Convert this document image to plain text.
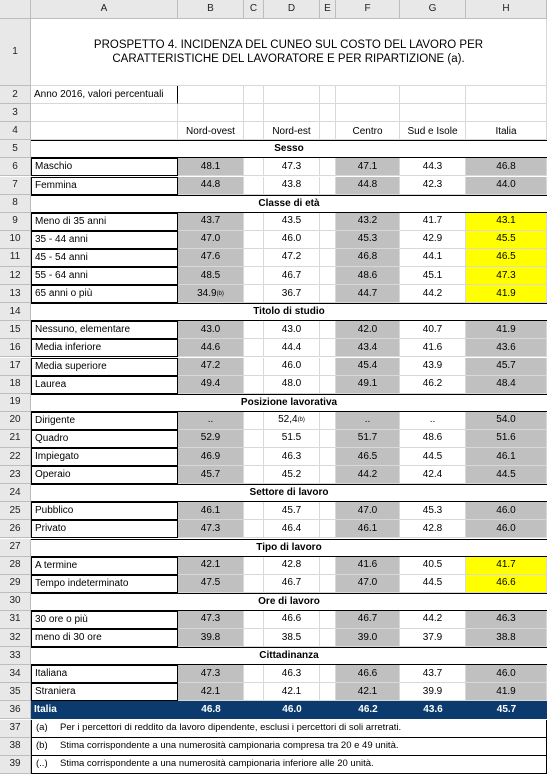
PROSPETTO 4. INCIDENZA DEL CUNEO SUL COSTO DEL LAVORO PER
CARATTERISTICHE DEL LAVORATORE E PER RIPARTIZIONE (a).
A	B	C	D	E	F	G	H
1
2
3
4
5
6
7
8
9
10
11
12
13
14
15
16
17
18
19
20
21
22
23
24
25
26
27
28
29
30
31
32
33
34
35
36
37
38
39
Anno 2016, valori percentuali
Nord-ovest	Nord-est	Centro	Sud e Isole	Italia
Sesso
Maschio	48.1	47.3	47.1	44.3	46.8
Femmina	44.8	43.8	44.8	42.3	44.0
Classe di età
Meno di 35 anni	43.7	43.5	43.2	41.7	43.1
35 - 44 anni	47.0	46.0	45.3	42.9	45.5
45 - 54 anni	47.6	47.2	46.8	44.1	46.5
55 - 64 anni	48.5	46.7	48.6	45.1	47.3
65 anni o più	34.9 (b)	36.7	44.7	44.2	41.9
Titolo di studio
Nessuno, elementare	43.0	43.0	42.0	40.7	41.9
Media inferiore	44.6	44.4	43.4	41.6	43.6
Media superiore	47.2	46.0	45.4	43.9	45.7
Laurea	49.4	48.0	49.1	46.2	48.4
Posizione lavorativa
Dirigente	..	52,4 (b)	..	..	54.0
Quadro	52.9	51.5	51.7	48.6	51.6
Impiegato	46.9	46.3	46.5	44.5	46.1
Operaio	45.7	45.2	44.2	42.4	44.5
Settore di lavoro
Pubblico	46.1	45.7	47.0	45.3	46.0
Privato	47.3	46.4	46.1	42.8	46.0
Tipo di lavoro
A termine	42.1	42.8	41.6	40.5	41.7
Tempo indeterminato	47.5	46.7	47.0	44.5	46.6
Ore di lavoro
30 ore o più	47.3	46.6	46.7	44.2	46.3
meno di 30 ore	39.8	38.5	39.0	37.9	38.8
Cittadinanza
Italiana	47.3	46.3	46.6	43.7	46.0
Straniera	42.1	42.1	42.1	39.9	41.9
Italia	46.8	46.0	46.2	43.6	45.7
(a)	Per i percettori di reddito da lavoro dipendente, esclusi i percettori di soli arretrati.
(b)	Stima corrispondente a una numerosità campionaria compresa tra 20 e 49 unità.
(..)	Stima corrispondente a una numerosità campionaria inferiore alle 20 unità.
